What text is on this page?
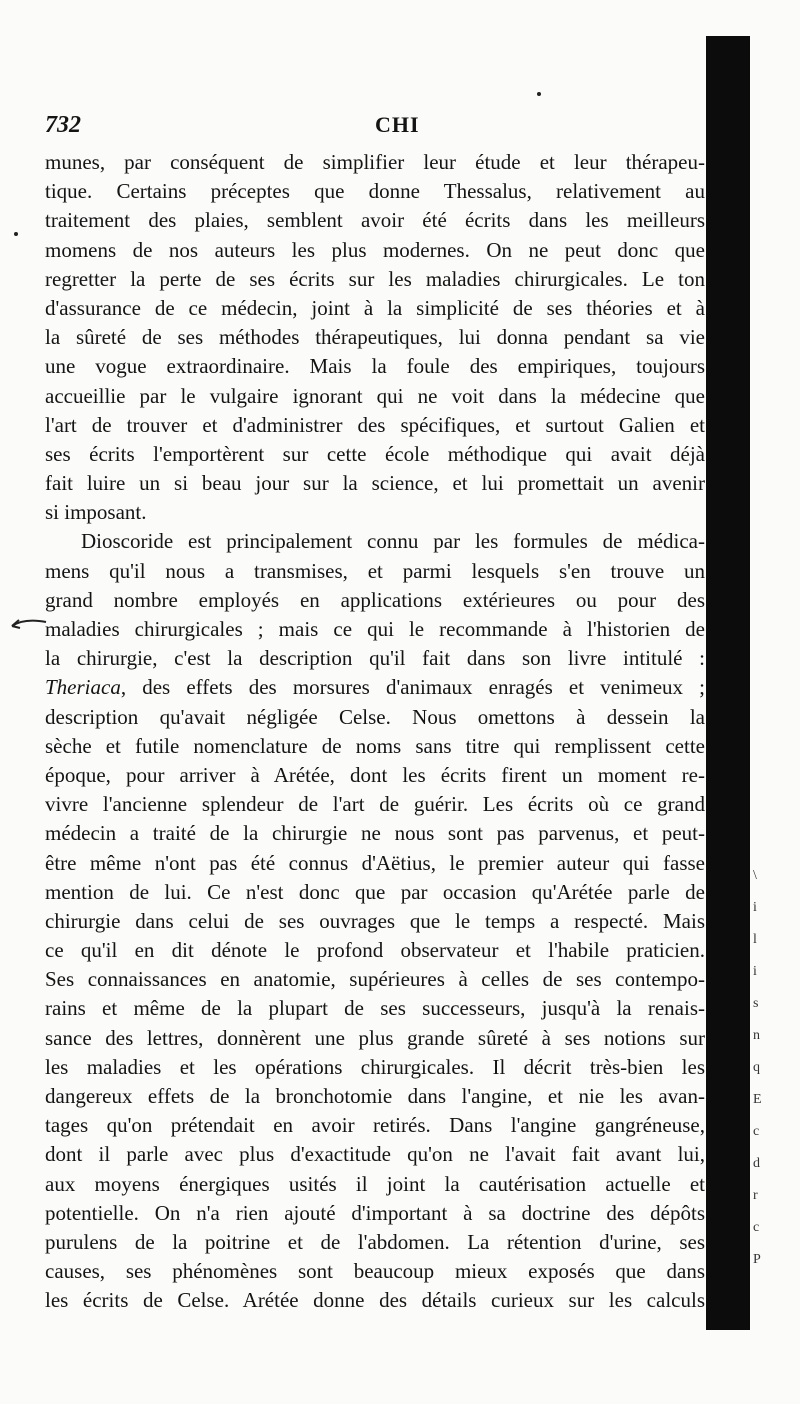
732	CHI
munes, par conséquent de simplifier leur étude et leur thérapeu-
tique. Certains préceptes que donne Thessalus, relativement au
traitement des plaies, semblent avoir été écrits dans les meilleurs
momens de nos auteurs les plus modernes. On ne peut donc que
regretter la perte de ses écrits sur les maladies chirurgicales. Le ton
d'assurance de ce médecin, joint à la simplicité de ses théories et à
la sûreté de ses méthodes thérapeutiques, lui donna pendant sa vie
une vogue extraordinaire. Mais la foule des empiriques, toujours
accueillie par le vulgaire ignorant qui ne voit dans la médecine que
l'art de trouver et d'administrer des spécifiques, et surtout Galien et
ses écrits l'emportèrent sur cette école méthodique qui avait déjà
fait luire un si beau jour sur la science, et lui promettait un avenir
si imposant.
Dioscoride est principalement connu par les formules de médica-
mens qu'il nous a transmises, et parmi lesquels s'en trouve un
grand nombre employés en applications extérieures ou pour des
maladies chirurgicales ; mais ce qui le recommande à l'historien de
la chirurgie, c'est la description qu'il fait dans son livre intitulé :
Theriaca, des effets des morsures d'animaux enragés et venimeux ;
description qu'avait négligée Celse. Nous omettons à dessein la
sèche et futile nomenclature de noms sans titre qui remplissent cette
époque, pour arriver à Arétée, dont les écrits firent un moment re-
vivre l'ancienne splendeur de l'art de guérir. Les écrits où ce grand
médecin a traité de la chirurgie ne nous sont pas parvenus, et peut-
être même n'ont pas été connus d'Aëtius, le premier auteur qui fasse
mention de lui. Ce n'est donc que par occasion qu'Arétée parle de
chirurgie dans celui de ses ouvrages que le temps a respecté. Mais
ce qu'il en dit dénote le profond observateur et l'habile praticien.
Ses connaissances en anatomie, supérieures à celles de ses contempo-
rains et même de la plupart de ses successeurs, jusqu'à la renais-
sance des lettres, donnèrent une plus grande sûreté à ses notions sur
les maladies et les opérations chirurgicales. Il décrit très-bien les
dangereux effets de la bronchotomie dans l'angine, et nie les avan-
tages qu'on prétendait en avoir retirés. Dans l'angine gangréneuse,
dont il parle avec plus d'exactitude qu'on ne l'avait fait avant lui,
aux moyens énergiques usités il joint la cautérisation actuelle et
potentielle. On n'a rien ajouté d'important à sa doctrine des dépôts
purulens de la poitrine et de l'abdomen. La rétention d'urine, ses
causes, ses phénomènes sont beaucoup mieux exposés que dans
les écrits de Celse. Arétée donne des détails curieux sur les calculs
\
i
l
i
s
n
q
E
c
d
r
c
P
